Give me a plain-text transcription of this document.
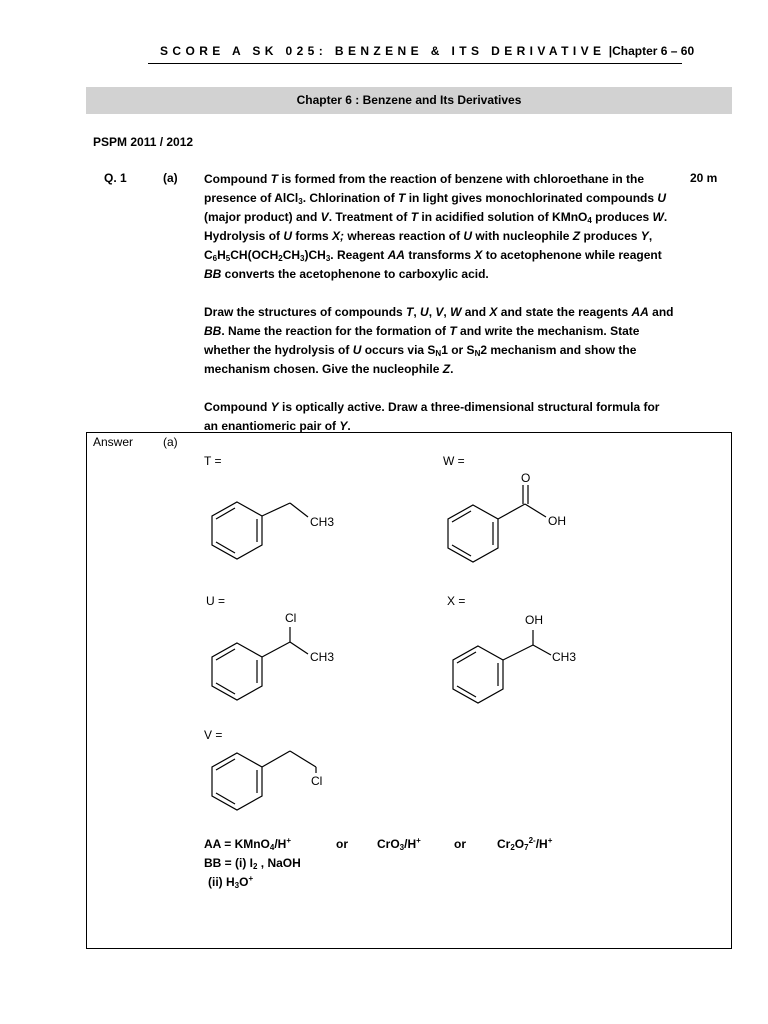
SCORE A SK 025: BENZENE & ITS DERIVATIVE |Chapter 6 – 60
Chapter 6 : Benzene and Its Derivatives
PSPM 2011 / 2012
Q. 1	(a)	20 m

Compound T is formed from the reaction of benzene with chloroethane in the presence of AlCl$_3$. Chlorination of T in light gives monochlorinated compounds U (major product) and V. Treatment of T in acidified solution of KMnO$_4$ produces W. Hydrolysis of U forms X; whereas reaction of U with nucleophile Z produces Y, $C_6H_5CH(OCH_2CH_3)CH_3$. Reagent AA transforms X to acetophenone while reagent BB converts the acetophenone to carboxylic acid.

Draw the structures of compounds T, U, V, W and X and state the reagents AA and BB. Name the reaction for the formation of T and write the mechanism. State whether the hydrolysis of U occurs via $S_N1$ or $S_N2$ mechanism and show the mechanism chosen. Give the nucleophile Z.

Compound Y is optically active. Draw a three-dimensional structural formula for an enantiomeric pair of Y.

Answer (a)
T =	W =
U =	X =
V =
CH3
O
OH
Cl
CH3
OH
CH3
Cl
AA = KMnO$_4$/H+	or CrO$_3$/H+	or	$Cr_2O_7^{2-}/H^+$
BB = (i) $I_2$ , NaOH
(ii) $H_3O^+$
